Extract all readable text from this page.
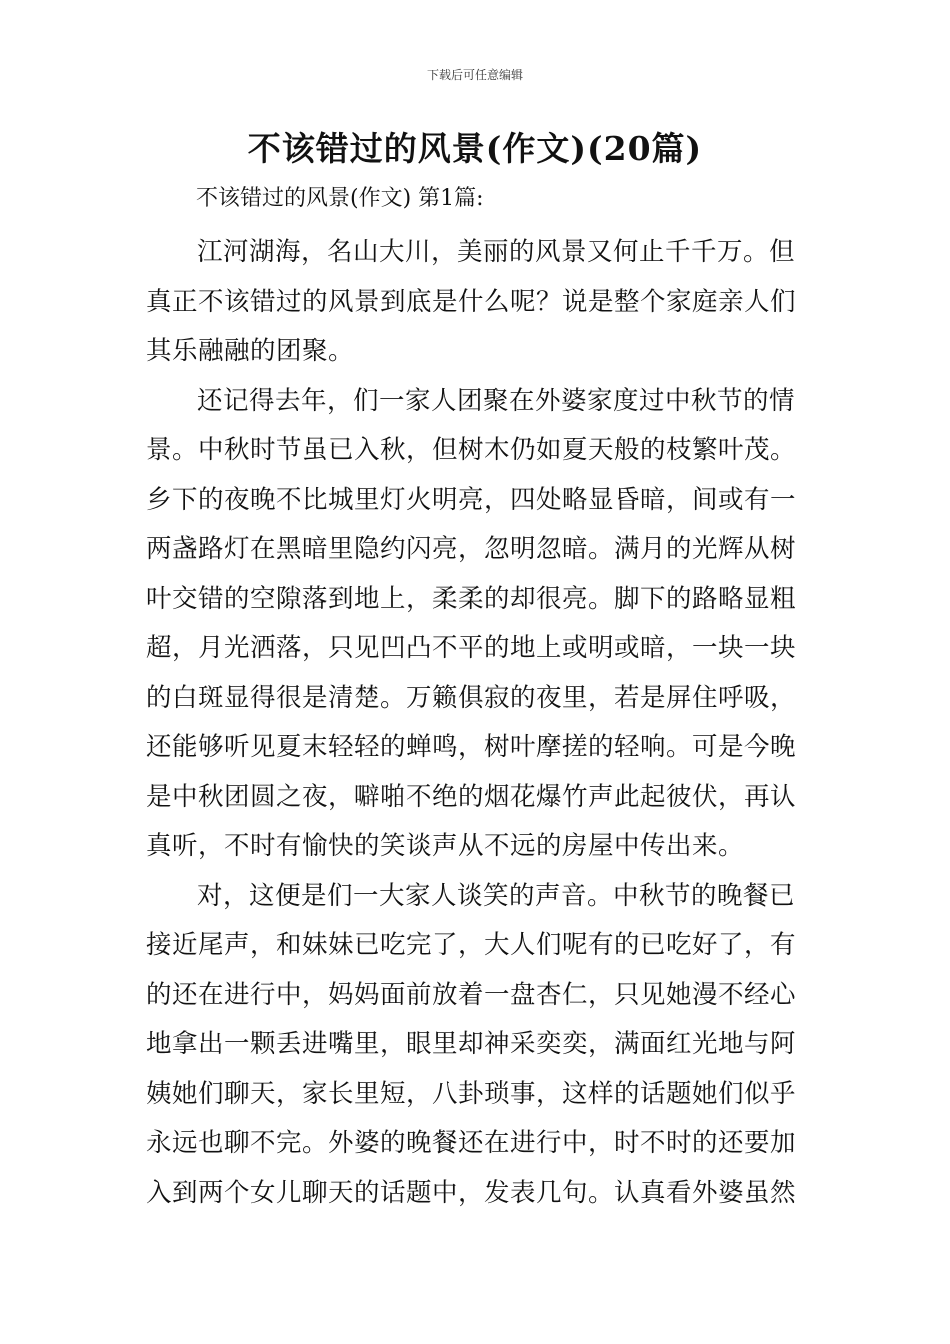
下载后可任意编辑
不该错过的风景(作文)(20篇)
不该错过的风景(作文) 第1篇:

江河湖海，名山大川，美丽的风景又何止千千万。但真正不该错过的风景到底是什么呢？说是整个家庭亲人们其乐融融的团聚。

还记得去年，们一家人团聚在外婆家度过中秋节的情景。中秋时节虽已入秋，但树木仍如夏天般的枝繁叶茂。乡下的夜晚不比城里灯火明亮，四处略显昏暗，间或有一两盏路灯在黑暗里隐约闪亮，忽明忽暗。满月的光辉从树叶交错的空隙落到地上，柔柔的却很亮。脚下的路略显粗超，月光洒落，只见凹凸不平的地上或明或暗，一块一块的白斑显得很是清楚。万籁俱寂的夜里，若是屏住呼吸，还能够听见夏末轻轻的蝉鸣，树叶摩搓的轻响。可是今晚是中秋团圆之夜，噼啪不绝的烟花爆竹声此起彼伏，再认真听，不时有愉快的笑谈声从不远的房屋中传出来。

对，这便是们一大家人谈笑的声音。中秋节的晚餐已接近尾声，和妹妹已吃完了，大人们呢有的已吃好了，有的还在进行中，妈妈面前放着一盘杏仁，只见她漫不经心地拿出一颗丢进嘴里，眼里却神采奕奕，满面红光地与阿姨她们聊天，家长里短，八卦琐事，这样的话题她们似乎永远也聊不完。外婆的晚餐还在进行中，时不时的还要加入到两个女儿聊天的话题中，发表几句。认真看外婆虽然
